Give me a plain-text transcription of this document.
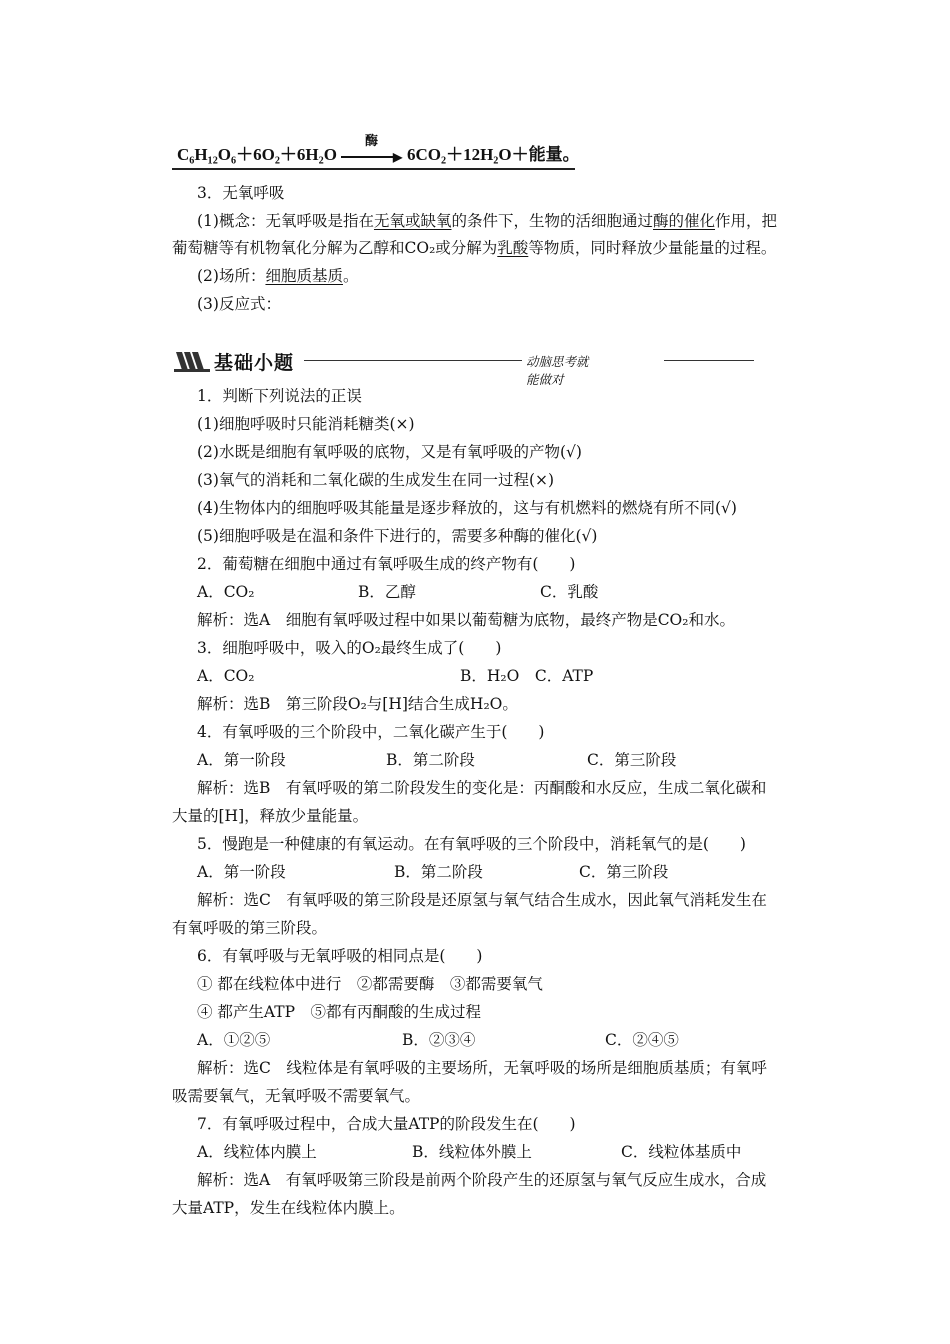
C₆H₁₂O₆＋6O₂＋6H₂O
酶
▶ 6CO₂＋12H₂O＋能量。
3．无氧呼吸
(1)概念：无氧呼吸是指在无氧或缺氧的条件下，生物的活细胞通过酶的催化作用，把
葡萄糖等有机物氧化分解为乙醇和CO₂或分解为乳酸等物质，同时释放少量能量的过程。
(2)场所：细胞质基质。
(3)反应式：
基础小题	动脑思考就能做对
1．判断下列说法的正误
(1)细胞呼吸时只能消耗糖类(×)
(2)水既是细胞有氧呼吸的底物，又是有氧呼吸的产物(√)
(3)氧气的消耗和二氧化碳的生成发生在同一过程(×)
(4)生物体内的细胞呼吸其能量是逐步释放的，这与有机燃料的燃烧有所不同(√)
(5)细胞呼吸是在温和条件下进行的，需要多种酶的催化(√)
2．葡萄糖在细胞中通过有氧呼吸生成的终产物有(　　)
A．CO₂	B．乙醇	C．乳酸
解析：选A　细胞有氧呼吸过程中如果以葡萄糖为底物，最终产物是CO₂和水。
3．细胞呼吸中，吸入的O₂最终生成了(　　)
A．CO₂	B．H₂O　C．ATP
解析：选B　第三阶段O₂与[H]结合生成H₂O。
4．有氧呼吸的三个阶段中，二氧化碳产生于(　　)
A．第一阶段	B．第二阶段	C．第三阶段
解析：选B　有氧呼吸的第二阶段发生的变化是：丙酮酸和水反应，生成二氧化碳和
大量的[H]，释放少量能量。
5．慢跑是一种健康的有氧运动。在有氧呼吸的三个阶段中，消耗氧气的是(　　)
A．第一阶段	B．第二阶段	C．第三阶段
解析：选C　有氧呼吸的第三阶段是还原氢与氧气结合生成水，因此氧气消耗发生在
有氧呼吸的第三阶段。
6．有氧呼吸与无氧呼吸的相同点是(　　)
① 都在线粒体中进行　②都需要酶　③都需要氧气
④ 都产生ATP　⑤都有丙酮酸的生成过程
A．①②⑤	B．②③④	C．②④⑤
解析：选C　线粒体是有氧呼吸的主要场所，无氧呼吸的场所是细胞质基质；有氧呼
吸需要氧气，无氧呼吸不需要氧气。
7．有氧呼吸过程中，合成大量ATP的阶段发生在(　　)
A．线粒体内膜上	B．线粒体外膜上	C．线粒体基质中
解析：选A　有氧呼吸第三阶段是前两个阶段产生的还原氢与氧气反应生成水，合成
大量ATP，发生在线粒体内膜上。
